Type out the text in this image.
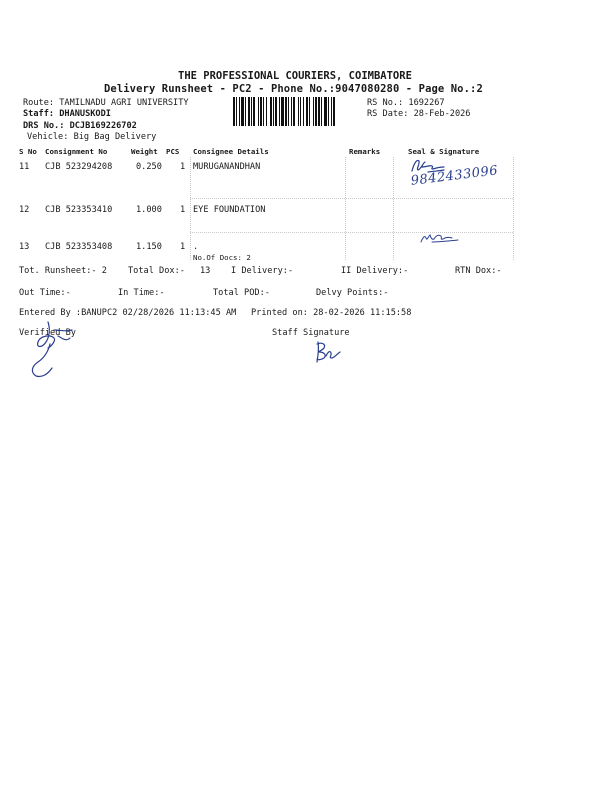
THE PROFESSIONAL COURIERS, COIMBATORE
Delivery Runsheet - PC2 - Phone No.:9047080280 - Page No.:2
Route: TAMILNADU AGRI UNIVERSITY
Staff: DHANUSKODI
DRS No.: DCJB169226702
Vehicle: Big Bag Delivery
RS No.: 1692267
RS Date: 28-Feb-2026
S No Consignment No	Weight PCS Consignee Details	Remarks	Seal & Signature
11 CJB 523294208	0.250 1 MURUGANANDHAN
12 CJB 523353410	1.000 1 EYE FOUNDATION
13 CJB 523353408	1.150 1 .
No.Of Docs: 2
9842433096
Tot. Runsheet:- 2 Total Dox:- 13 I Delivery:-	II Delivery:-	RTN Dox:-
Out Time:-	In Time:-	Total POD:-	Delvy Points:-
Entered By :BANUPC2 02/28/2026 11:13:45 AM Printed on: 28-02-2026 11:15:58
Verified By	Staff Signature
